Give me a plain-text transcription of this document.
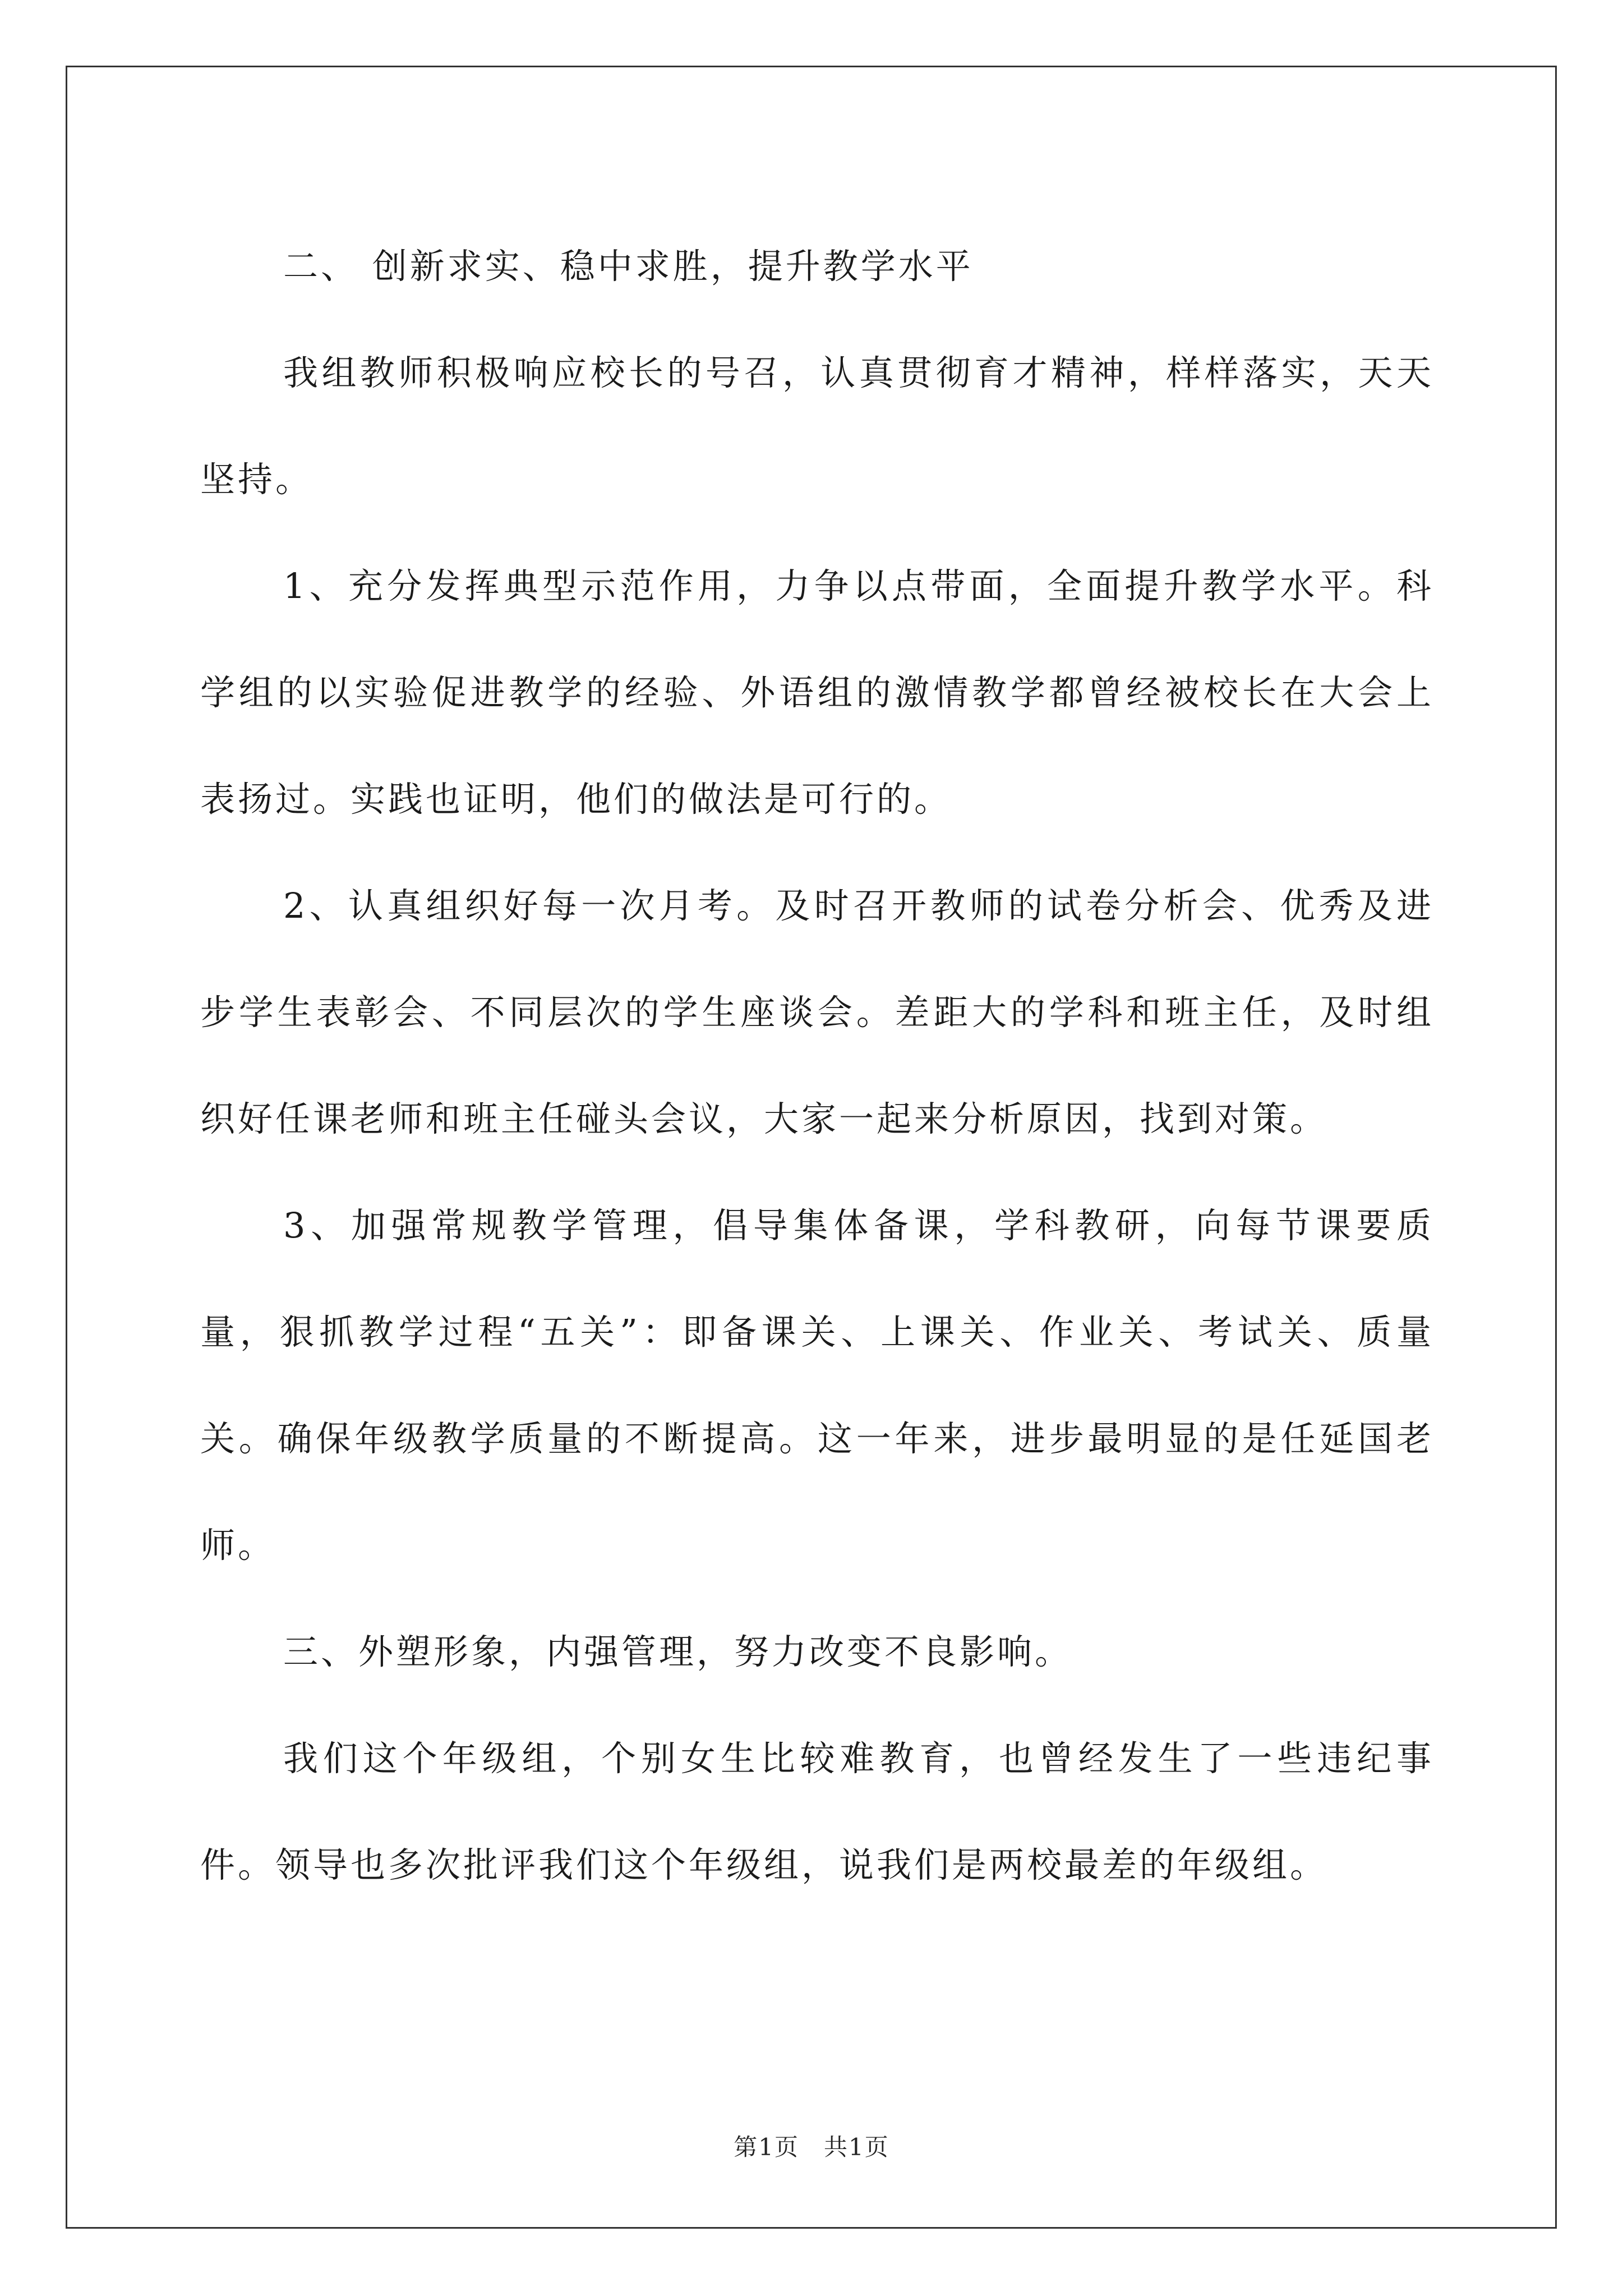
二、 创新求实、稳中求胜，提升教学水平

我组教师积极响应校长的号召，认真贯彻育才精神，样样落实，天天坚持。

1、充分发挥典型示范作用，力争以点带面，全面提升教学水平。科学组的以实验促进教学的经验、外语组的激情教学都曾经被校长在大会上表扬过。实践也证明，他们的做法是可行的。

2、认真组织好每一次月考。及时召开教师的试卷分析会、优秀及进步学生表彰会、不同层次的学生座谈会。差距大的学科和班主任，及时组织好任课老师和班主任碰头会议，大家一起来分析原因，找到对策。

3、加强常规教学管理，倡导集体备课，学科教研，向每节课要质量，狠抓教学过程“五关”：即备课关、上课关、作业关、考试关、质量关。确保年级教学质量的不断提高。这一年来，进步最明显的是任延国老师。

三、外塑形象，内强管理，努力改变不良影响。

我们这个年级组，个别女生比较难教育，也曾经发生了一些违纪事件。领导也多次批评我们这个年级组，说我们是两校最差的年级组。

第1页　共1页
